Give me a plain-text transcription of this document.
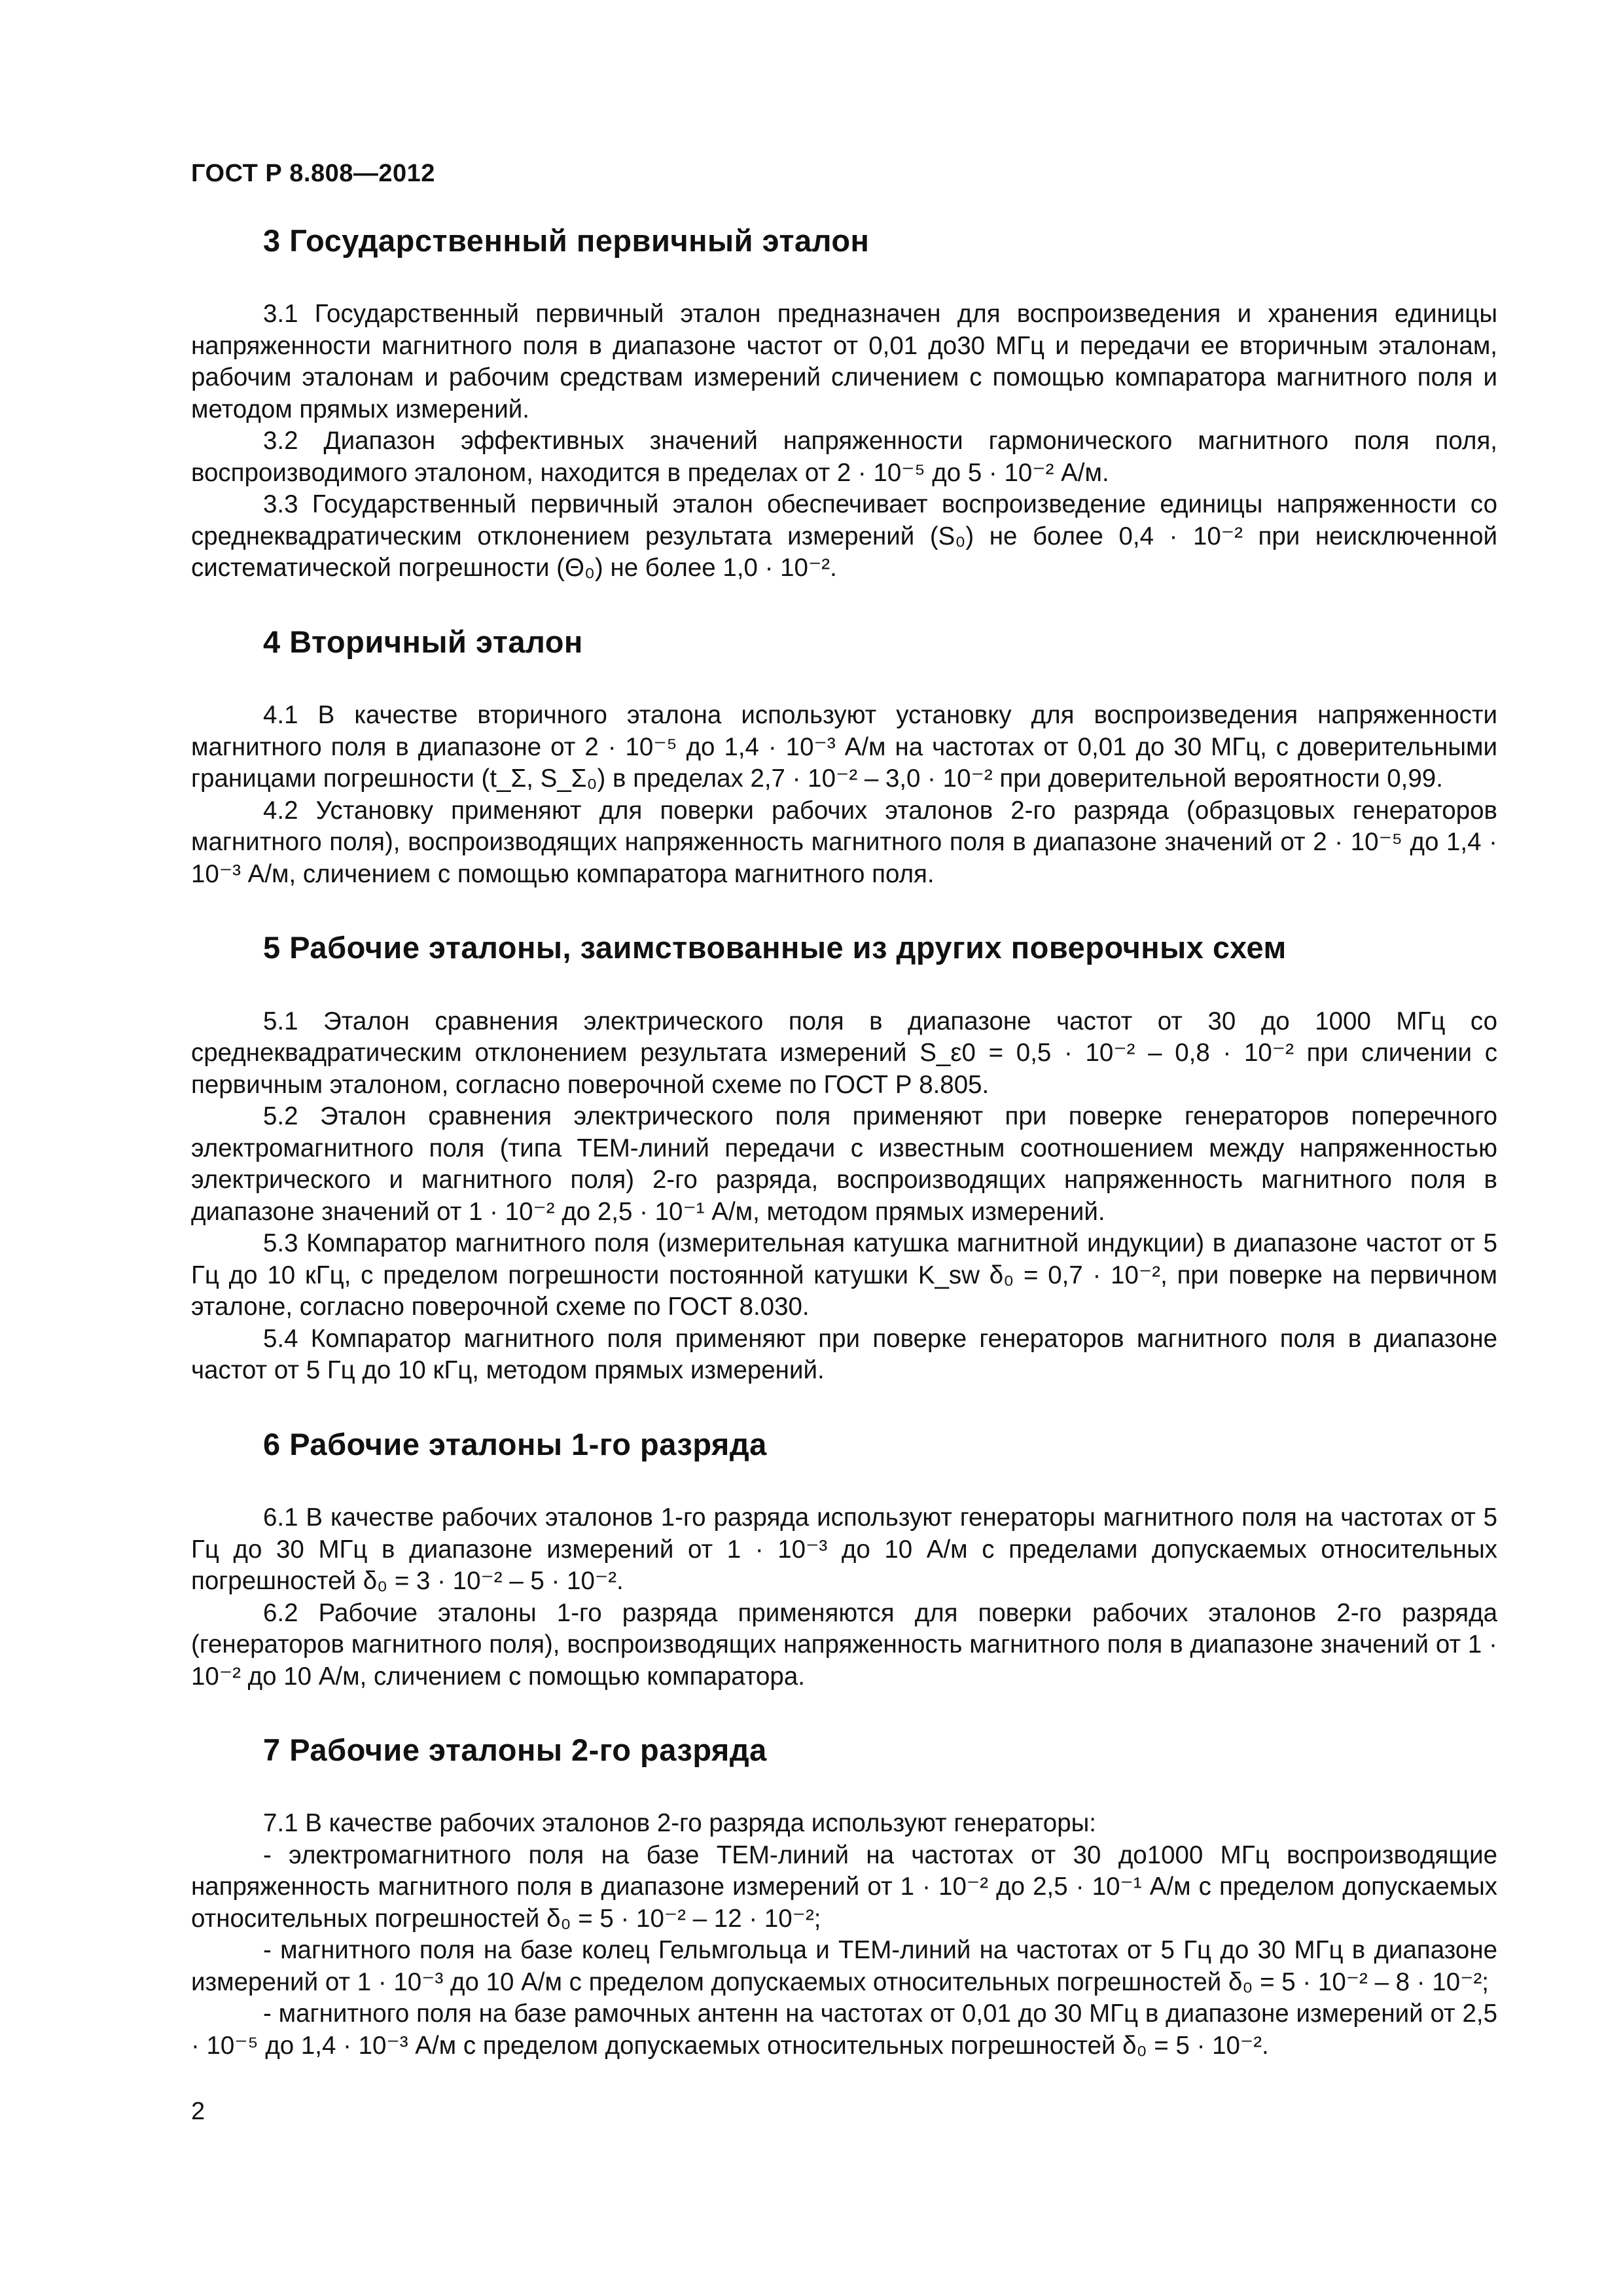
ГОСТ Р 8.808—2012
3 Государственный первичный эталон

3.1 Государственный первичный эталон предназначен для воспроизведения и хранения единицы напряженности магнитного поля в диапазоне частот от 0,01 до30 МГц и передачи ее вторичным эталонам, рабочим эталонам и рабочим средствам измерений сличением с помощью компаратора магнитного поля и методом прямых измерений.

3.2 Диапазон эффективных значений напряженности гармонического магнитного поля поля, воспроизводимого эталоном, находится в пределах от 2 · 10⁻⁵ до 5 · 10⁻² А/м.

3.3 Государственный первичный эталон обеспечивает воспроизведение единицы напряженности со среднеквадратическим отклонением результата измерений (S₀) не более 0,4 · 10⁻² при неисключенной систематической погрешности (Θ₀) не более 1,0 · 10⁻².

4 Вторичный эталон

4.1 В качестве вторичного эталона используют установку для воспроизведения напряженности магнитного поля в диапазоне от 2 · 10⁻⁵ до 1,4 · 10⁻³ А/м на частотах от 0,01 до 30 МГц, с доверительными границами погрешности (t_Σ, S_Σ₀) в пределах 2,7 · 10⁻² – 3,0 · 10⁻² при доверительной вероятности 0,99.

4.2 Установку применяют для поверки рабочих эталонов 2-го разряда (образцовых генераторов магнитного поля), воспроизводящих напряженность магнитного поля в диапазоне значений от 2 · 10⁻⁵ до 1,4 · 10⁻³ А/м, сличением с помощью компаратора магнитного поля.

5 Рабочие эталоны, заимствованные из других поверочных схем

5.1 Эталон сравнения электрического поля в диапазоне частот от 30 до 1000 МГц со среднеквадратическим отклонением результата измерений S_ε0 = 0,5 · 10⁻² – 0,8 · 10⁻² при сличении с первичным эталоном, согласно поверочной схеме по ГОСТ Р 8.805.

5.2 Эталон сравнения электрического поля применяют при поверке генераторов поперечного электромагнитного поля (типа ТЕМ-линий передачи с известным соотношением между напряженностью электрического и магнитного поля) 2-го разряда, воспроизводящих напряженность магнитного поля в диапазоне значений от 1 · 10⁻² до 2,5 · 10⁻¹ А/м, методом прямых измерений.

5.3 Компаратор магнитного поля (измерительная катушка магнитной индукции) в диапазоне частот от 5 Гц до 10 кГц, с пределом погрешности постоянной катушки K_sw δ₀ = 0,7 · 10⁻², при поверке на первичном эталоне, согласно поверочной схеме по ГОСТ 8.030.

5.4 Компаратор магнитного поля применяют при поверке генераторов магнитного поля в диапазоне частот от 5 Гц до 10 кГц, методом прямых измерений.

6 Рабочие эталоны 1-го разряда

6.1 В качестве рабочих эталонов 1-го разряда используют генераторы магнитного поля на частотах от 5 Гц до 30 МГц в диапазоне измерений от 1 · 10⁻³ до 10 А/м с пределами допускаемых относительных погрешностей δ₀ = 3 · 10⁻² – 5 · 10⁻².

6.2 Рабочие эталоны 1-го разряда применяются для поверки рабочих эталонов 2-го разряда (генераторов магнитного поля), воспроизводящих напряженность магнитного поля в диапазоне значений от 1 · 10⁻² до 10 А/м, сличением с помощью компаратора.

7 Рабочие эталоны 2-го разряда

7.1 В качестве рабочих эталонов 2-го разряда используют генераторы:

- электромагнитного поля на базе ТЕМ-линий на частотах от 30 до1000 МГц воспроизводящие напряженность магнитного поля в диапазоне измерений от 1 · 10⁻² до 2,5 · 10⁻¹ А/м с пределом допускаемых относительных погрешностей δ₀ = 5 · 10⁻² – 12 · 10⁻²;

- магнитного поля на базе колец Гельмгольца и ТЕМ-линий на частотах от 5 Гц до 30 МГц в диапазоне измерений от 1 · 10⁻³ до 10 А/м с пределом допускаемых относительных погрешностей δ₀ = 5 · 10⁻² – 8 · 10⁻²;

- магнитного поля на базе рамочных антенн на частотах от 0,01 до 30 МГц в диапазоне измерений от 2,5 · 10⁻⁵ до 1,4 · 10⁻³ А/м с пределом допускаемых относительных погрешностей δ₀ = 5 · 10⁻².

2
